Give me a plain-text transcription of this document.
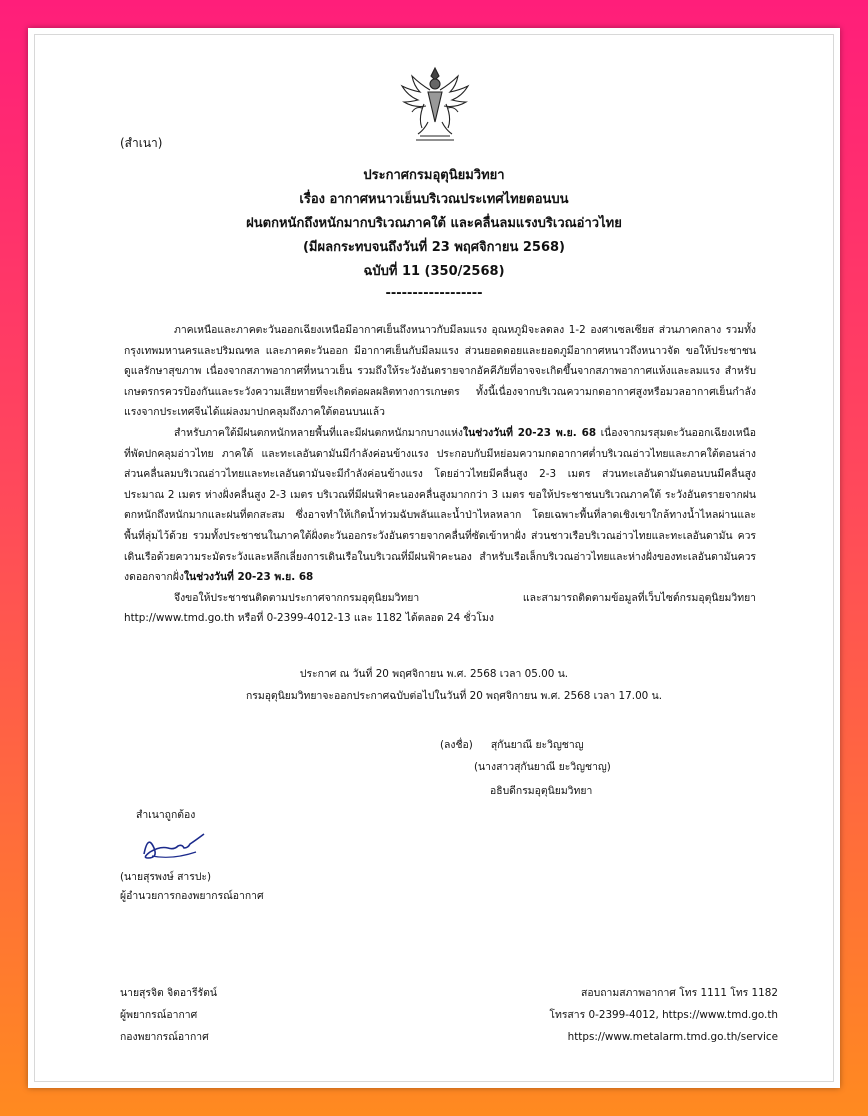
(สำเนา)
ประกาศกรมอุตุนิยมวิทยา
เรื่อง อากาศหนาวเย็นบริเวณประเทศไทยตอนบน
ฝนตกหนักถึงหนักมากบริเวณภาคใต้ และคลื่นลมแรงบริเวณอ่าวไทย
(มีผลกระทบจนถึงวันที่ 23 พฤศจิกายน 2568)
ฉบับที่ 11 (350/2568)
------------------

ภาคเหนือและภาคตะวันออกเฉียงเหนือมีอากาศเย็นถึงหนาวกับมีลมแรง อุณหภูมิจะลดลง 1-2 องศาเซลเซียส ส่วนภาคกลาง รวมทั้งกรุงเทพมหานครและปริมณฑล และภาคตะวันออก มีอากาศเย็นกับมีลมแรง ส่วนยอดดอยและยอดภูมีอากาศหนาวถึงหนาวจัด ขอให้ประชาชนดูแลรักษาสุขภาพ เนื่องจากสภาพอากาศที่หนาวเย็น รวมถึงให้ระวังอันตรายจากอัคคีภัยที่อาจจะเกิดขึ้นจากสภาพอากาศแห้งและลมแรง สำหรับเกษตรกรควรป้องกันและระวังความเสียหายที่จะเกิดต่อผลผลิตทางการเกษตร ทั้งนี้เนื่องจากบริเวณความกดอากาศสูงหรือมวลอากาศเย็นกำลังแรงจากประเทศจีนได้แผ่ลงมาปกคลุมถึงภาคใต้ตอนบนแล้ว

สำหรับภาคใต้มีฝนตกหนักหลายพื้นที่และมีฝนตกหนักมากบางแห่งในช่วงวันที่ 20-23 พ.ย. 68 เนื่องจากมรสุมตะวันออกเฉียงเหนือที่พัดปกคลุมอ่าวไทย ภาคใต้ และทะเลอันดามันมีกำลังค่อนข้างแรง ประกอบกับมีหย่อมความกดอากาศต่ำบริเวณอ่าวไทยและภาคใต้ตอนล่าง ส่วนคลื่นลมบริเวณอ่าวไทยและทะเลอันดามันจะมีกำลังค่อนข้างแรง โดยอ่าวไทยมีคลื่นสูง 2-3 เมตร ส่วนทะเลอันดามันตอนบนมีคลื่นสูงประมาณ 2 เมตร ห่างฝั่งคลื่นสูง 2-3 เมตร บริเวณที่มีฝนฟ้าคะนองคลื่นสูงมากกว่า 3 เมตร ขอให้ประชาชนบริเวณภาคใต้ ระวังอันตรายจากฝนตกหนักถึงหนักมากและฝนที่ตกสะสม ซึ่งอาจทำให้เกิดน้ำท่วมฉับพลันและน้ำป่าไหลหลาก โดยเฉพาะพื้นที่ลาดเชิงเขาใกล้ทางน้ำไหลผ่านและพื้นที่ลุ่มไว้ด้วย รวมทั้งประชาชนในภาคใต้ฝั่งตะวันออกระวังอันตรายจากคลื่นที่ซัดเข้าหาฝั่ง ส่วนชาวเรือบริเวณอ่าวไทยและทะเลอันดามัน ควรเดินเรือด้วยความระมัดระวังและหลีกเลี่ยงการเดินเรือในบริเวณที่มีฝนฟ้าคะนอง สำหรับเรือเล็กบริเวณอ่าวไทยและห่างฝั่งของทะเลอันดามันควรงดออกจากฝั่งในช่วงวันที่ 20-23 พ.ย. 68

จึงขอให้ประชาชนติดตามประกาศจากกรมอุตุนิยมวิทยา และสามารถติดตามข้อมูลที่เว็บไซต์กรมอุตุนิยมวิทยา http://www.tmd.go.th หรือที่ 0-2399-4012-13 และ 1182 ได้ตลอด 24 ชั่วโมง

ประกาศ ณ วันที่ 20 พฤศจิกายน พ.ศ. 2568 เวลา 05.00 น.
กรมอุตุนิยมวิทยาจะออกประกาศฉบับต่อไปในวันที่ 20 พฤศจิกายน พ.ศ. 2568 เวลา 17.00 น.
(ลงชื่อ) สุกันยาณี ยะวิญชาญ
(นางสาวสุกันยาณี ยะวิญชาญ)
อธิบดีกรมอุตุนิยมวิทยา
สำเนาถูกต้อง
(นายสุรพงษ์ สารปะ)
ผู้อำนวยการกองพยากรณ์อากาศ
นายสุรจิต จิตอารีรัตน์
ผู้พยากรณ์อากาศ
กองพยากรณ์อากาศ
สอบถามสภาพอากาศ โทร 1111 โทร 1182
โทรสาร 0-2399-4012, https://www.tmd.go.th
https://www.metalarm.tmd.go.th/service
